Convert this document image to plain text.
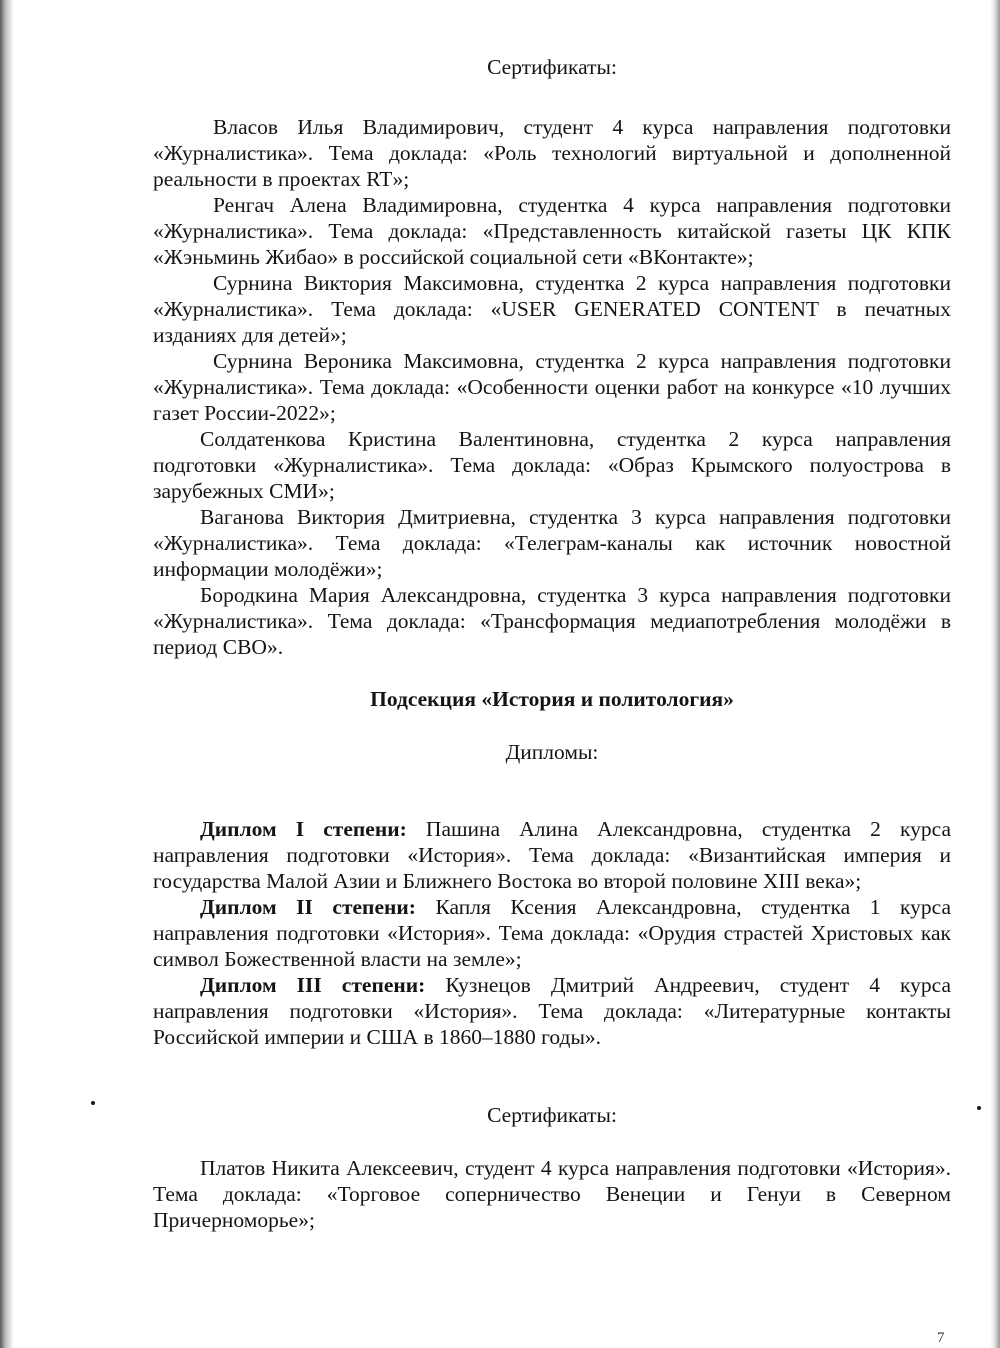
Сертификаты:

Власов Илья Владимирович, студент 4 курса направления подготовки «Журналистика». Тема доклада: «Роль технологий виртуальной и дополненной реальности в проектах RT»;

Ренгач Алена Владимировна, студентка 4 курса направления подготовки «Журналистика». Тема доклада: «Представленность китайской газеты ЦК КПК «Жэньминь Жибао» в российской социальной сети «ВКонтакте»;

Сурнина Виктория Максимовна, студентка 2 курса направления подготовки «Журналистика». Тема доклада: «USER GENERATED CONTENT в печатных изданиях для детей»;

Сурнина Вероника Максимовна, студентка 2 курса направления подготовки «Журналистика». Тема доклада: «Особенности оценки работ на конкурсе «10 лучших газет России-2022»;

Солдатенкова Кристина Валентиновна, студентка 2 курса направления подготовки «Журналистика». Тема доклада: «Образ Крымского полуострова в зарубежных СМИ»;

Ваганова Виктория Дмитриевна, студентка 3 курса направления подготовки «Журналистика». Тема доклада: «Телеграм-каналы как источник новостной информации молодёжи»;

Бородкина Мария Александровна, студентка 3 курса направления подготовки «Журналистика». Тема доклада: «Трансформация медиапотребления молодёжи в период СВО».

Подсекция «История и политология»

Дипломы:

Диплом I степени: Пашина Алина Александровна, студентка 2 курса направления подготовки «История». Тема доклада: «Византийская империя и государства Малой Азии и Ближнего Востока во второй половине XIII века»;

Диплом II степени: Капля Ксения Александровна, студентка 1 курса направления подготовки «История». Тема доклада: «Орудия страстей Христовых как символ Божественной власти на земле»;

Диплом III степени: Кузнецов Дмитрий Андреевич, студент 4 курса направления подготовки «История». Тема доклада: «Литературные контакты Российской империи и США в 1860–1880 годы».

Сертификаты:

Платов Никита Алексеевич, студент 4 курса направления подготовки «История». Тема доклада: «Торговое соперничество Венеции и Генуи в Северном Причерноморье»;

7
